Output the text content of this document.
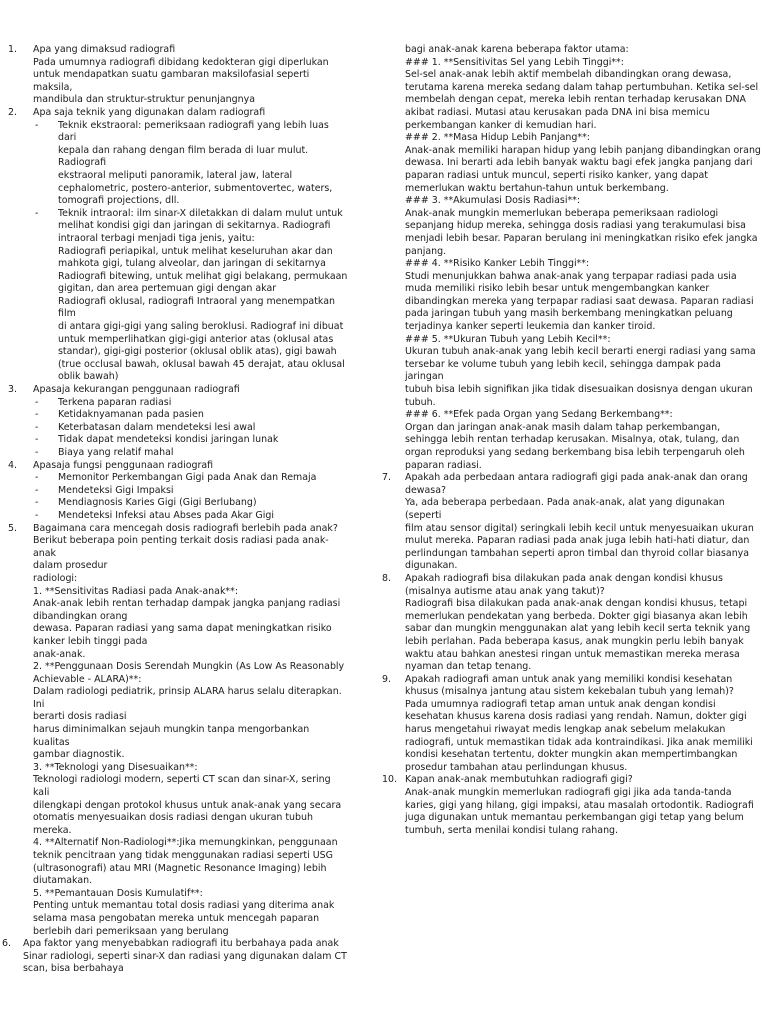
1. Apa yang dimaksud radiografi
Pada umumnya radiografi dibidang kedokteran gigi diperlukan
untuk mendapatkan suatu gambaran maksilofasial seperti maksila,
mandibula dan struktur-struktur penunjangnya
2. Apa saja teknik yang digunakan dalam radiografi
- Teknik ekstraoral: pemeriksaan radiografi yang lebih luas dari
kepala dan rahang dengan film berada di luar mulut. Radiografi
ekstraoral meliputi panoramik, lateral jaw, lateral
cephalometric, postero-anterior, submentovertec, waters,
tomografi projections, dll.
- Teknik intraoral: ilm sinar-X diletakkan di dalam mulut untuk
melihat kondisi gigi dan jaringan di sekitarnya. Radiografi
intraoral terbagi menjadi tiga jenis, yaitu:
Radiografi periapikal, untuk melihat keseluruhan akar dan
mahkota gigi, tulang alveolar, dan jaringan di sekitarnya
Radiografi bitewing, untuk melihat gigi belakang, permukaan
gigitan, dan area pertemuan gigi dengan akar
Radiografi oklusal, radiografi Intraoral yang menempatkan film
di antara gigi-gigi yang saling beroklusi. Radiograf ini dibuat
untuk memperlihatkan gigi-gigi anterior atas (oklusal atas
standar), gigi-gigi posterior (oklusal oblik atas), gigi bawah
(true occlusal bawah, oklusal bawah 45 derajat, atau oklusal
oblik bawah)
3. Apasaja kekurangan penggunaan radiografi
- Terkena paparan radiasi
- Ketidaknyamanan pada pasien
- Keterbatasan dalam mendeteksi lesi awal
- Tidak dapat mendeteksi kondisi jaringan lunak
- Biaya yang relatif mahal
4. Apasaja fungsi penggunaan radiografi
- Memonitor Perkembangan Gigi pada Anak dan Remaja
- Mendeteksi Gigi Impaksi
- Mendiagnosis Karies Gigi (Gigi Berlubang)
- Mendeteksi Infeksi atau Abses pada Akar Gigi
5. Bagaimana cara mencegah dosis radiografi berlebih pada anak?
Berikut beberapa poin penting terkait dosis radiasi pada anak-anak
dalam prosedur
radiologi:
1. **Sensitivitas Radiasi pada Anak-anak**:
Anak-anak lebih rentan terhadap dampak jangka panjang radiasi
dibandingkan orang
dewasa. Paparan radiasi yang sama dapat meningkatkan risiko
kanker lebih tinggi pada
anak-anak.
2. **Penggunaan Dosis Serendah Mungkin (As Low As Reasonably
Achievable - ALARA)**:
Dalam radiologi pediatrik, prinsip ALARA harus selalu diterapkan. Ini
berarti dosis radiasi
harus diminimalkan sejauh mungkin tanpa mengorbankan kualitas
gambar diagnostik.
3. **Teknologi yang Disesuaikan**:
Teknologi radiologi modern, seperti CT scan dan sinar-X, sering kali
dilengkapi dengan protokol khusus untuk anak-anak yang secara
otomatis menyesuaikan dosis radiasi dengan ukuran tubuh mereka.
4. **Alternatif Non-Radiologi**:Jika memungkinkan, penggunaan
teknik pencitraan yang tidak menggunakan radiasi seperti USG
(ultrasonografi) atau MRI (Magnetic Resonance Imaging) lebih
diutamakan.
5. **Pemantauan Dosis Kumulatif**:
Penting untuk memantau total dosis radiasi yang diterima anak
selama masa pengobatan mereka untuk mencegah paparan
berlebih dari pemeriksaan yang berulang
6. Apa faktor yang menyebabkan radiografi itu berbahaya pada anak
Sinar radiologi, seperti sinar-X dan radiasi yang digunakan dalam CT
scan, bisa berbahaya
bagi anak-anak karena beberapa faktor utama:
### 1. **Sensitivitas Sel yang Lebih Tinggi**:
Sel-sel anak-anak lebih aktif membelah dibandingkan orang dewasa,
terutama karena mereka sedang dalam tahap pertumbuhan. Ketika sel-sel
membelah dengan cepat, mereka lebih rentan terhadap kerusakan DNA
akibat radiasi. Mutasi atau kerusakan pada DNA ini bisa memicu
perkembangan kanker di kemudian hari.
### 2. **Masa Hidup Lebih Panjang**:
Anak-anak memiliki harapan hidup yang lebih panjang dibandingkan orang
dewasa. Ini berarti ada lebih banyak waktu bagi efek jangka panjang dari
paparan radiasi untuk muncul, seperti risiko kanker, yang dapat
memerlukan waktu bertahun-tahun untuk berkembang.
### 3. **Akumulasi Dosis Radiasi**:
Anak-anak mungkin memerlukan beberapa pemeriksaan radiologi
sepanjang hidup mereka, sehingga dosis radiasi yang terakumulasi bisa
menjadi lebih besar. Paparan berulang ini meningkatkan risiko efek jangka
panjang.
### 4. **Risiko Kanker Lebih Tinggi**:
Studi menunjukkan bahwa anak-anak yang terpapar radiasi pada usia
muda memiliki risiko lebih besar untuk mengembangkan kanker
dibandingkan mereka yang terpapar radiasi saat dewasa. Paparan radiasi
pada jaringan tubuh yang masih berkembang meningkatkan peluang
terjadinya kanker seperti leukemia dan kanker tiroid.
### 5. **Ukuran Tubuh yang Lebih Kecil**:
Ukuran tubuh anak-anak yang lebih kecil berarti energi radiasi yang sama
tersebar ke volume tubuh yang lebih kecil, sehingga dampak pada jaringan
tubuh bisa lebih signifikan jika tidak disesuaikan dosisnya dengan ukuran
tubuh.
### 6. **Efek pada Organ yang Sedang Berkembang**:
Organ dan jaringan anak-anak masih dalam tahap perkembangan,
sehingga lebih rentan terhadap kerusakan. Misalnya, otak, tulang, dan
organ reproduksi yang sedang berkembang bisa lebih terpengaruh oleh
paparan radiasi.
7. Apakah ada perbedaan antara radiografi gigi pada anak-anak dan orang
dewasa?
Ya, ada beberapa perbedaan. Pada anak-anak, alat yang digunakan (seperti
film atau sensor digital) seringkali lebih kecil untuk menyesuaikan ukuran
mulut mereka. Paparan radiasi pada anak juga lebih hati-hati diatur, dan
perlindungan tambahan seperti apron timbal dan thyroid collar biasanya
digunakan.
8. Apakah radiografi bisa dilakukan pada anak dengan kondisi khusus
(misalnya autisme atau anak yang takut)?
Radiografi bisa dilakukan pada anak-anak dengan kondisi khusus, tetapi
memerlukan pendekatan yang berbeda. Dokter gigi biasanya akan lebih
sabar dan mungkin menggunakan alat yang lebih kecil serta teknik yang
lebih perlahan. Pada beberapa kasus, anak mungkin perlu lebih banyak
waktu atau bahkan anestesi ringan untuk memastikan mereka merasa
nyaman dan tetap tenang.
9. Apakah radiografi aman untuk anak yang memiliki kondisi kesehatan
khusus (misalnya jantung atau sistem kekebalan tubuh yang lemah)?
Pada umumnya radiografi tetap aman untuk anak dengan kondisi
kesehatan khusus karena dosis radiasi yang rendah. Namun, dokter gigi
harus mengetahui riwayat medis lengkap anak sebelum melakukan
radiografi, untuk memastikan tidak ada kontraindikasi. Jika anak memiliki
kondisi kesehatan tertentu, dokter mungkin akan mempertimbangkan
prosedur tambahan atau perlindungan khusus.
10. Kapan anak-anak membutuhkan radiografi gigi?
Anak-anak mungkin memerlukan radiografi gigi jika ada tanda-tanda
karies, gigi yang hilang, gigi impaksi, atau masalah ortodontik. Radiografi
juga digunakan untuk memantau perkembangan gigi tetap yang belum
tumbuh, serta menilai kondisi tulang rahang.
